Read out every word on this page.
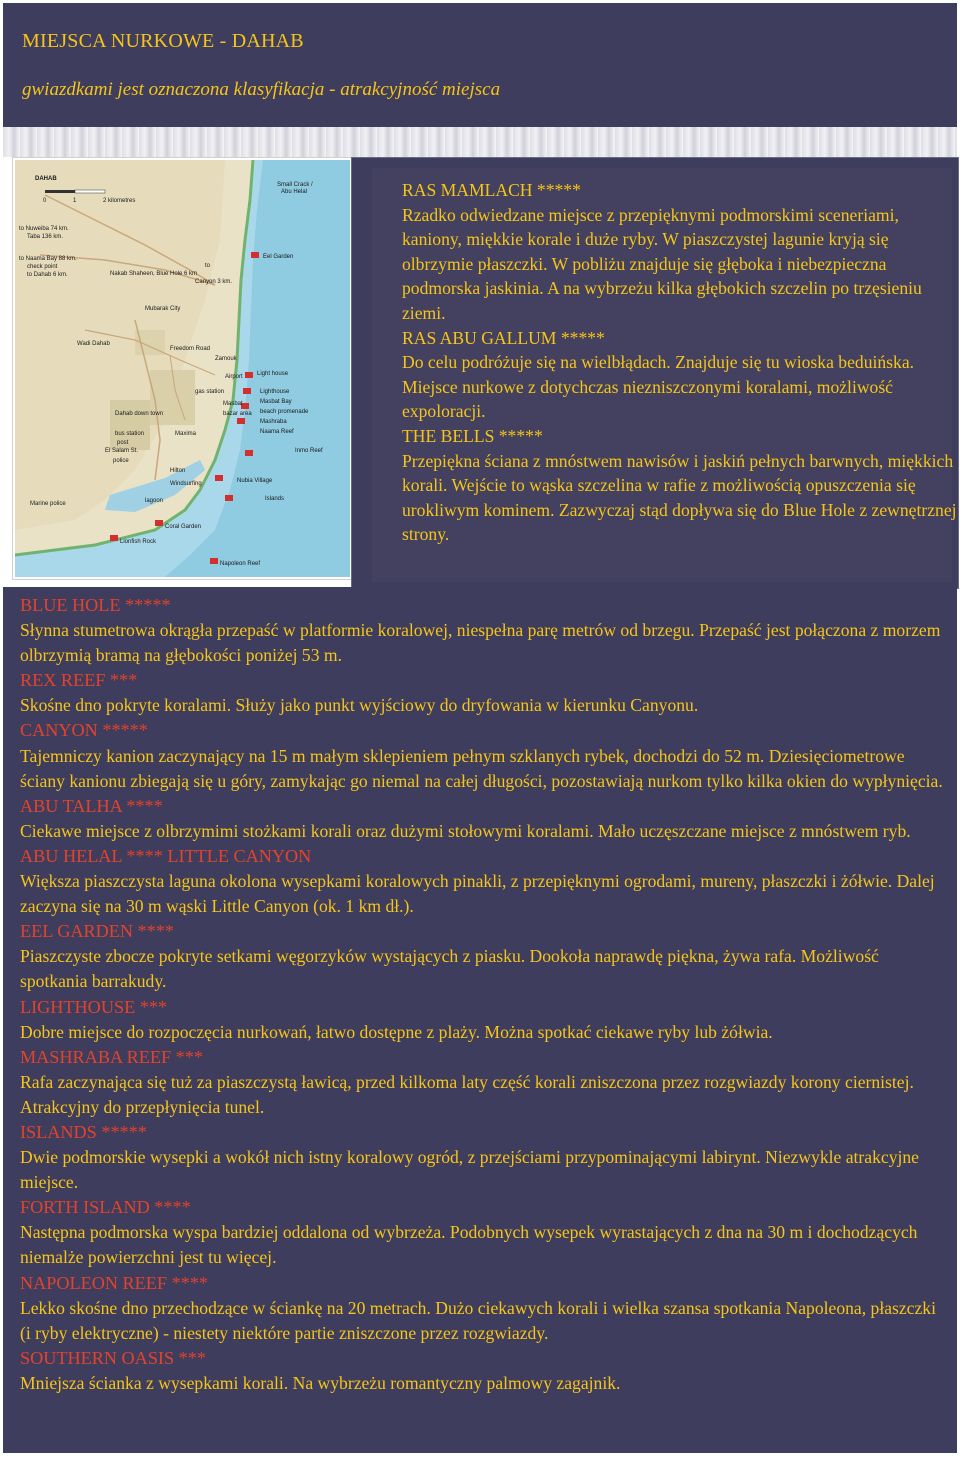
MIEJSCA NURKOWE - DAHAB
gwiazdkami jest oznaczona klasyfikacja - atrakcyjność miejsca
DAHAB
0	1	2 kilometres
to Nuweiba 74 km.
Taba 136 km.
to Naama Bay 88 km.
check point
to Dahab 6 km.	Nakab Shaheen, Blue Hole 6 km
Canyon 3 km.
to
Small Crack /
Abu Helal
Eel Garden
Mubarak City
Wadi Dahab
Zamouk
Freedom Road
Light house
Lighthouse
Masbat Bay
beach promenade
Mashraba
Naama Reef
Dahab down town
bus station
post
El Salam St.
police
gas station
Masbat
bazar area
Maxima
Hilton
Windsurfing
lagoon	Islands
Marine police
Coral Garden
Lionfish Rock
Napoleon Reef
Nubia Village
Inmo Reef
Airport
RAS MAMLACH *****
Rzadko odwiedzane miejsce z przepięknymi podmorskimi sceneriami, kaniony, miękkie korale i duże ryby. W piaszczystej lagunie kryją się olbrzymie płaszczki. W pobliżu znajduje się głęboka i niebezpieczna podmorska jaskinia. A na wybrzeżu kilka głębokich szczelin po trzęsieniu ziemi.
RAS ABU GALLUM *****
Do celu podróżuje się na wielbłądach. Znajduje się tu wioska beduińska. Miejsce nurkowe z dotychczas niezniszczonymi koralami, możliwość expoloracji.
THE BELLS *****
Przepiękna ściana z mnóstwem nawisów i jaskiń pełnych barwnych, miękkich korali. Wejście to wąska szczelina w rafie z możliwością opuszczenia się urokliwym kominem. Zazwyczaj stąd dopływa się do Blue Hole z zewnętrznej strony.
BLUE HOLE *****
Słynna stumetrowa okrągła przepaść w platformie koralowej, niespełna parę metrów od brzegu. Przepaść jest połączona z morzem olbrzymią bramą na głębokości poniżej 53 m.
REX REEF ***
Skośne dno pokryte koralami. Służy jako punkt wyjściowy do dryfowania w kierunku Canyonu.
CANYON *****
Tajemniczy kanion zaczynający na 15 m małym sklepieniem pełnym szklanych rybek, dochodzi do 52 m. Dziesięciometrowe ściany kanionu zbiegają się u góry, zamykając go niemal na całej długości, pozostawiają nurkom tylko kilka okien do wypłynięcia.
ABU TALHA ****
Ciekawe miejsce z olbrzymimi stożkami korali oraz dużymi stołowymi koralami. Mało uczęszczane miejsce z mnóstwem ryb.
ABU HELAL **** LITTLE CANYON
Większa piaszczysta laguna okolona wysepkami koralowych pinakli, z przepięknymi ogrodami, mureny, płaszczki i żółwie. Dalej zaczyna się na 30 m wąski Little Canyon (ok. 1 km dł.).
EEL GARDEN ****
Piaszczyste zbocze pokryte setkami węgorzyków wystających z piasku. Dookoła naprawdę piękna, żywa rafa. Możliwość spotkania barrakudy.
LIGHTHOUSE ***
Dobre miejsce do rozpoczęcia nurkowań, łatwo dostępne z plaży. Można spotkać ciekawe ryby lub żółwia.
MASHRABA REEF ***
Rafa zaczynająca się tuż za piaszczystą ławicą, przed kilkoma laty część korali zniszczona przez rozgwiazdy korony ciernistej. Atrakcyjny do przepłynięcia tunel.
ISLANDS *****
Dwie podmorskie wysepki a wokół nich istny koralowy ogród, z przejściami przypominającymi labirynt. Niezwykle atrakcyjne miejsce.
FORTH ISLAND ****
Następna podmorska wyspa bardziej oddalona od wybrzeża. Podobnych wysepek wyrastających z dna na 30 m i dochodzących niemalże powierzchni jest tu więcej.
NAPOLEON REEF ****
Lekko skośne dno przechodzące w ściankę na 20 metrach. Dużo ciekawych korali i wielka szansa spotkania Napoleona, płaszczki (i ryby elektryczne) - niestety niektóre partie zniszczone przez rozgwiazdy.
SOUTHERN OASIS ***
Mniejsza ścianka z wysepkami korali. Na wybrzeżu romantyczny palmowy zagajnik.
